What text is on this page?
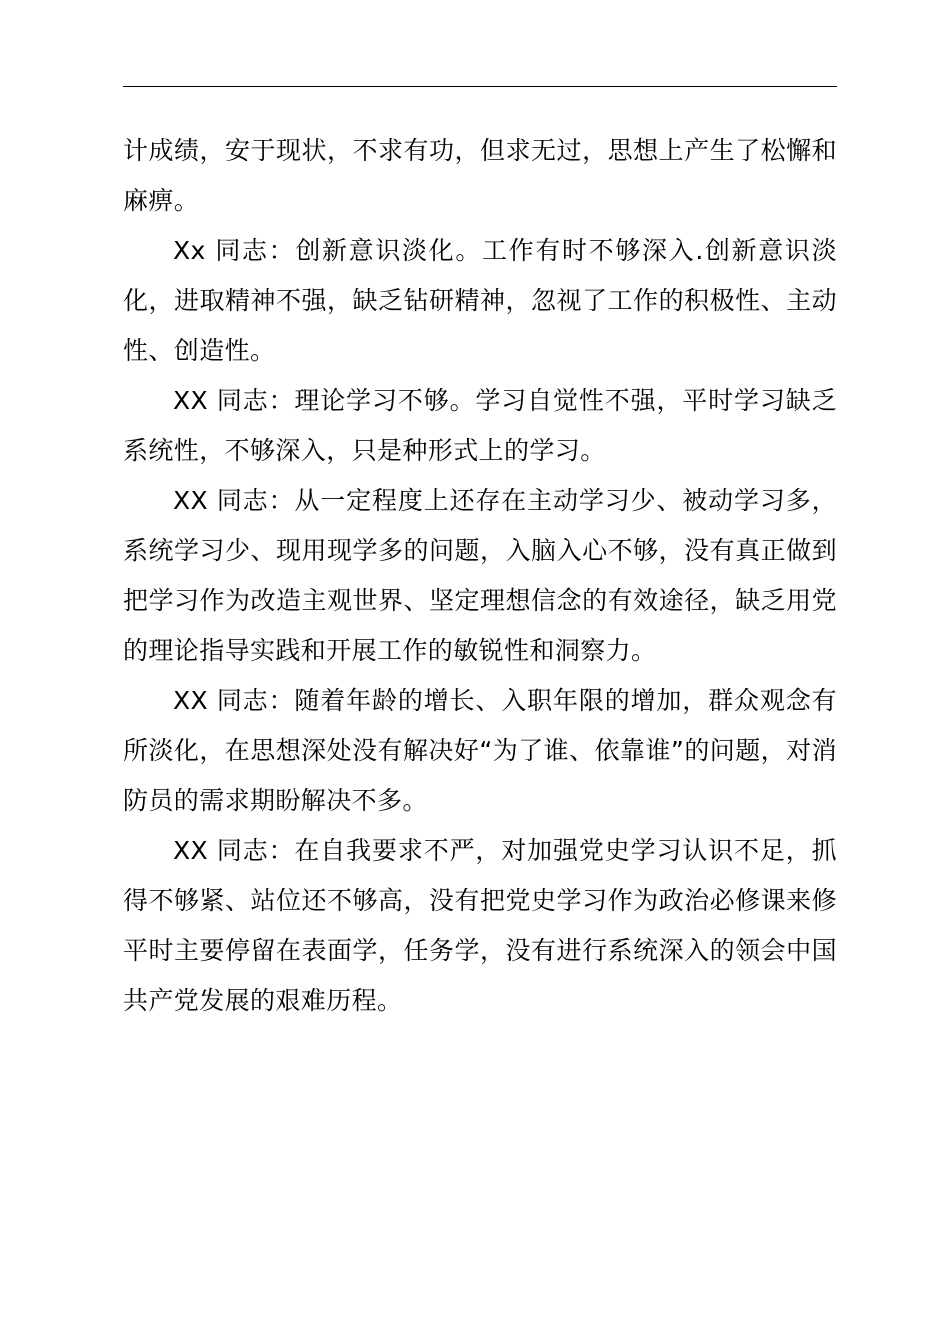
计成绩，安于现状，不求有功，但求无过，思想上产生了松懈和麻痹。

Xx 同志：创新意识淡化。工作有时不够深入.创新意识淡化，进取精神不强，缺乏钻研精神，忽视了工作的积极性、主动性、创造性。

XX 同志：理论学习不够。学习自觉性不强，平时学习缺乏系统性，不够深入，只是种形式上的学习。

XX 同志：从一定程度上还存在主动学习少、被动学习多，系统学习少、现用现学多的问题，入脑入心不够，没有真正做到把学习作为改造主观世界、坚定理想信念的有效途径，缺乏用党的理论指导实践和开展工作的敏锐性和洞察力。

XX 同志：随着年龄的增长、入职年限的增加，群众观念有所淡化，在思想深处没有解决好“为了谁、依靠谁”的问题，对消防员的需求期盼解决不多。

XX 同志：在自我要求不严，对加强党史学习认识不足，抓得不够紧、站位还不够高，没有把党史学习作为政治必修课来修平时主要停留在表面学，任务学，没有进行系统深入的领会中国共产党发展的艰难历程。
